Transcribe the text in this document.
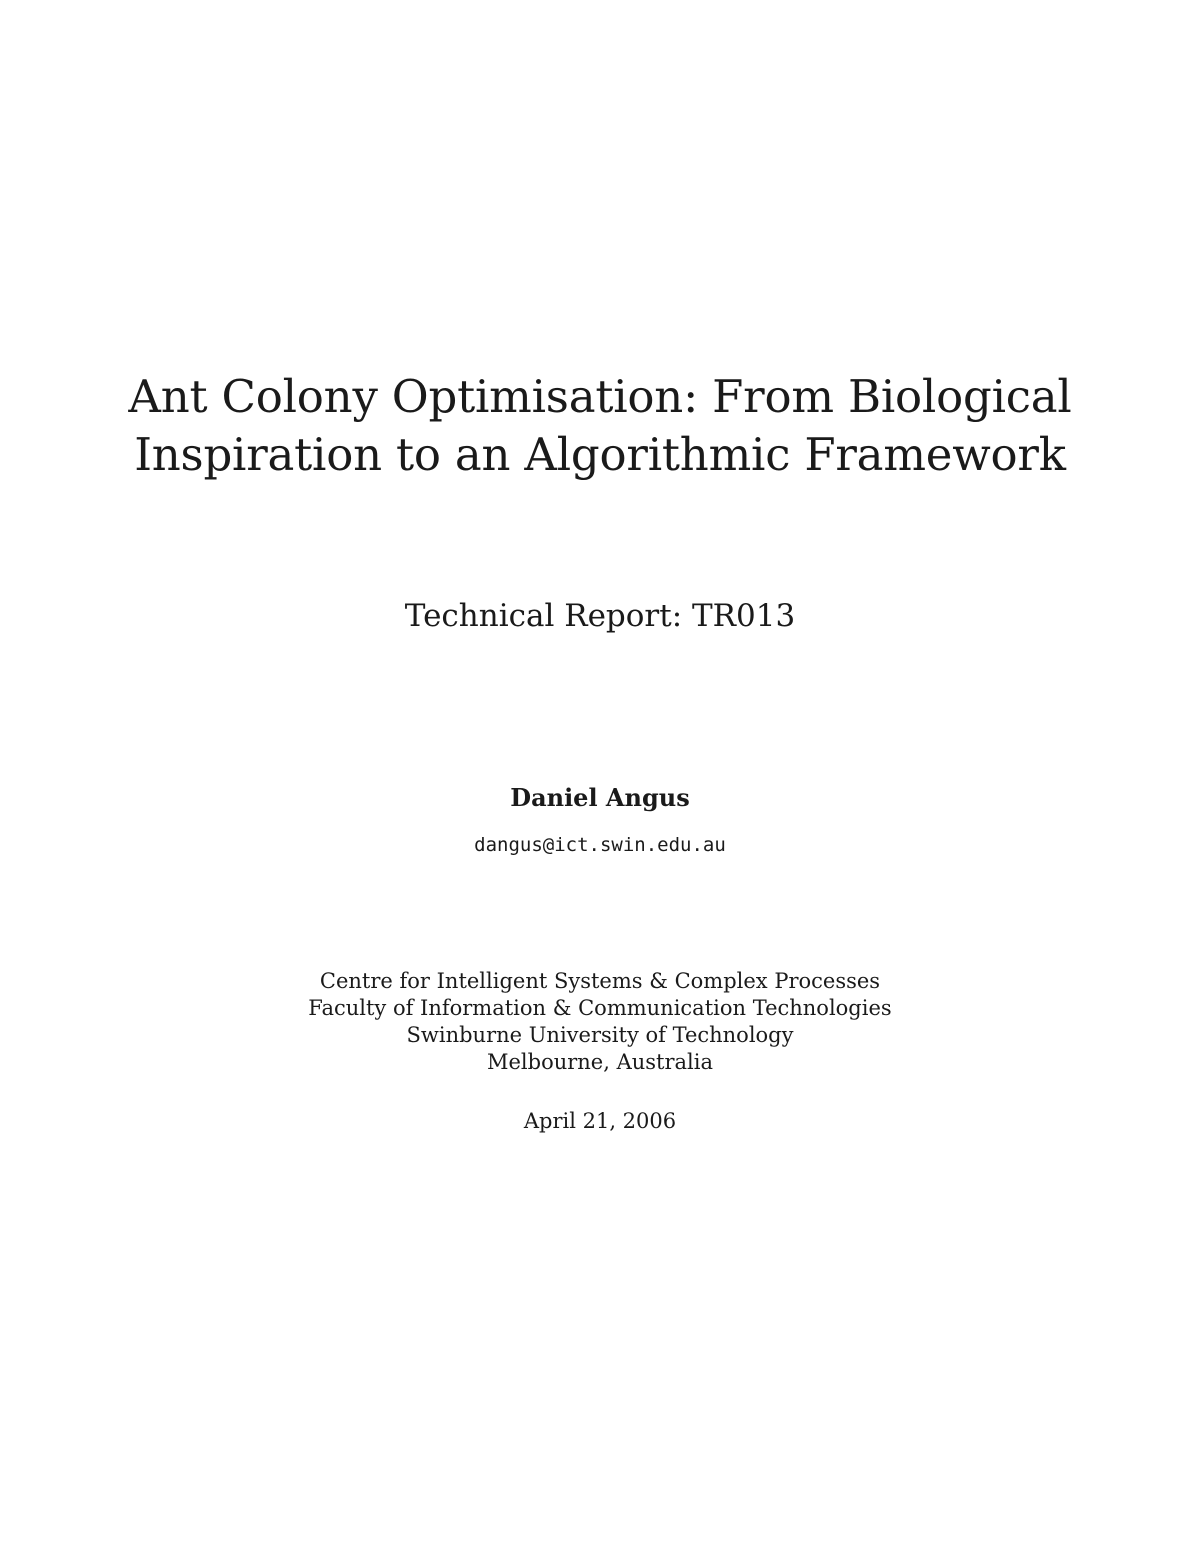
Ant Colony Optimisation: From Biological

Inspiration to an Algorithmic Framework

Technical Report: TR013

Daniel Angus

dangus@ict.swin.edu.au

Centre for Intelligent Systems & Complex Processes

Faculty of Information & Communication Technologies

Swinburne University of Technology

Melbourne, Australia

April 21, 2006
